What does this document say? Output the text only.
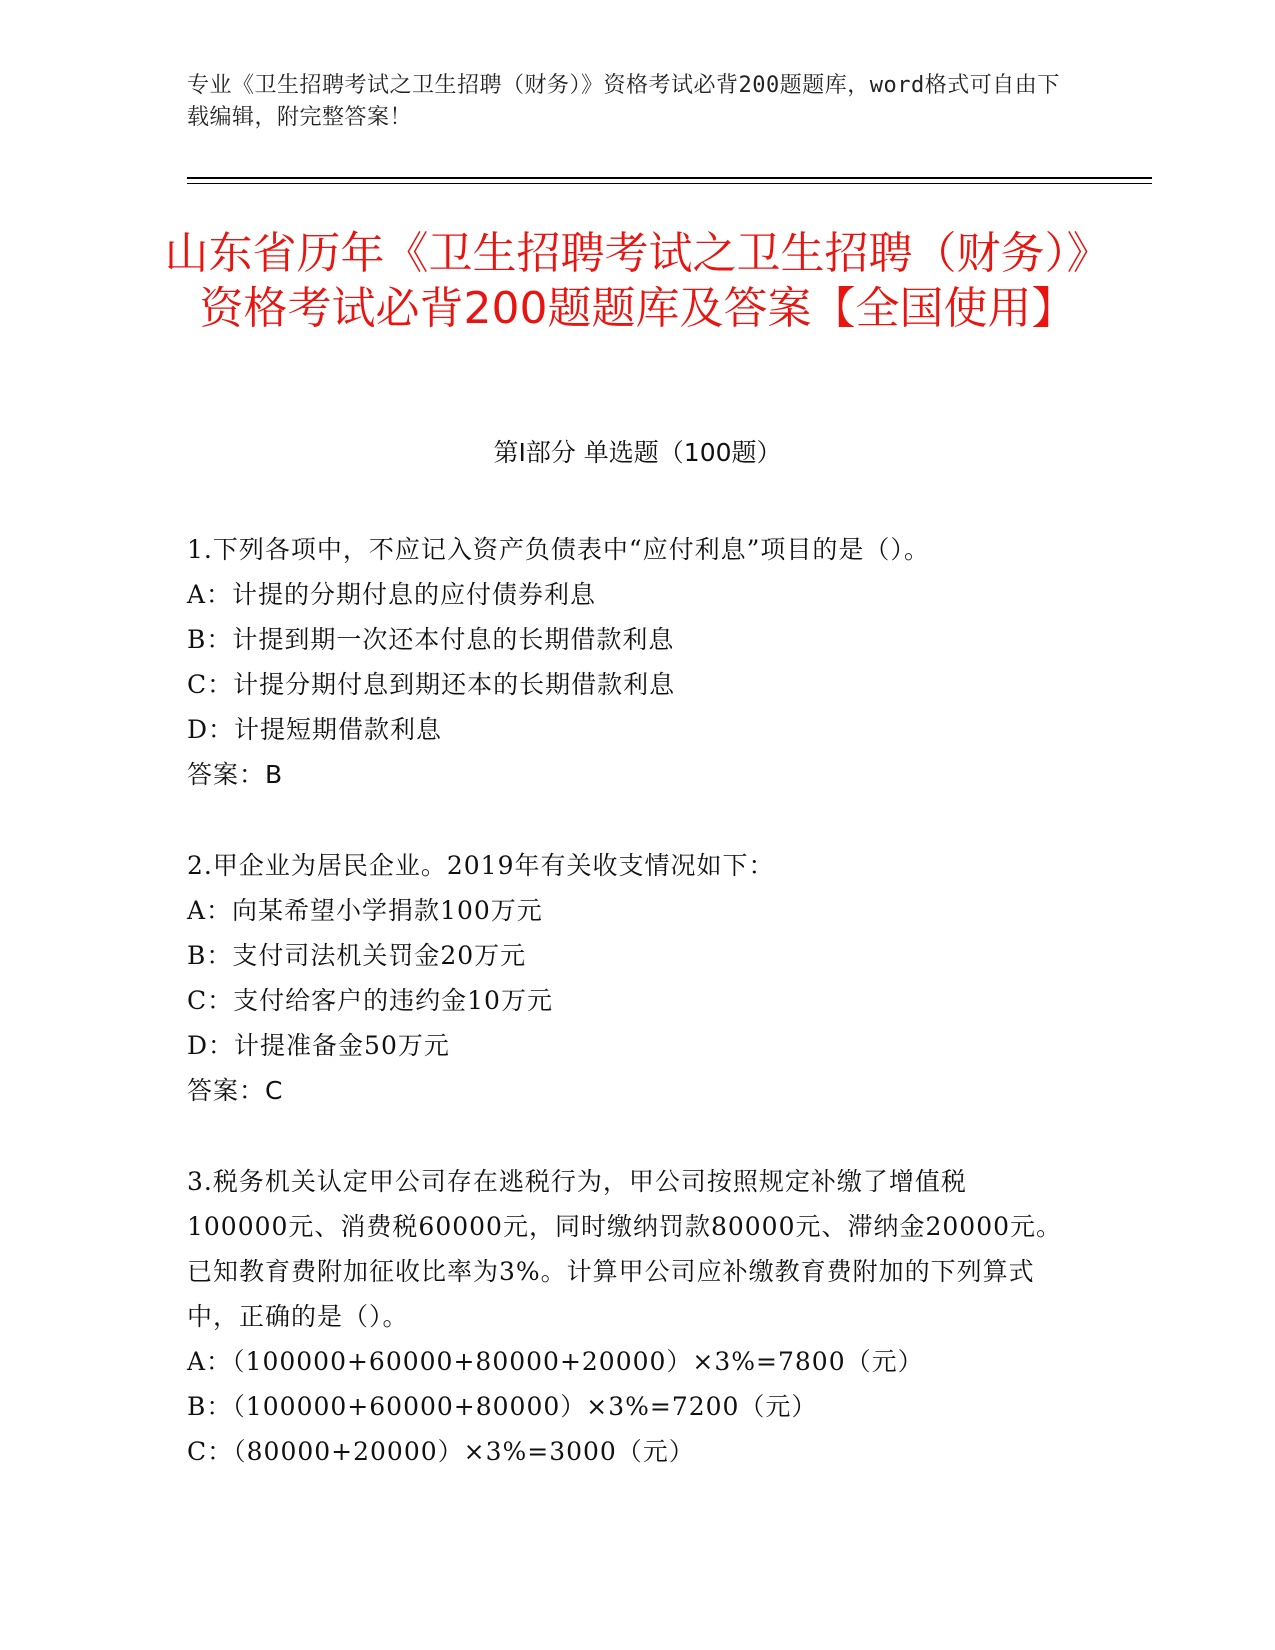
专业《卫生招聘考试之卫生招聘（财务）》资格考试必背200题题库，word格式可自由下载编辑，附完整答案！
山东省历年《卫生招聘考试之卫生招聘（财务）》资格考试必背200题题库及答案【全国使用】
第I部分 单选题（100题）

1.下列各项中，不应记入资产负债表中“应付利息”项目的是（）。

A：计提的分期付息的应付债券利息

B：计提到期一次还本付息的长期借款利息

C：计提分期付息到期还本的长期借款利息

D：计提短期借款利息

答案：B

2.甲企业为居民企业。2019年有关收支情况如下：

A：向某希望小学捐款100万元

B：支付司法机关罚金20万元

C：支付给客户的违约金10万元

D：计提准备金50万元

答案：C

3.税务机关认定甲公司存在逃税行为，甲公司按照规定补缴了增值税100000元、消费税60000元，同时缴纳罚款80000元、滞纳金20000元。已知教育费附加征收比率为3%。计算甲公司应补缴教育费附加的下列算式中，正确的是（）。

A：（100000+60000+80000+20000）×3%=7800（元）

B：（100000+60000+80000）×3%=7200（元）

C：（80000+20000）×3%=3000（元）
